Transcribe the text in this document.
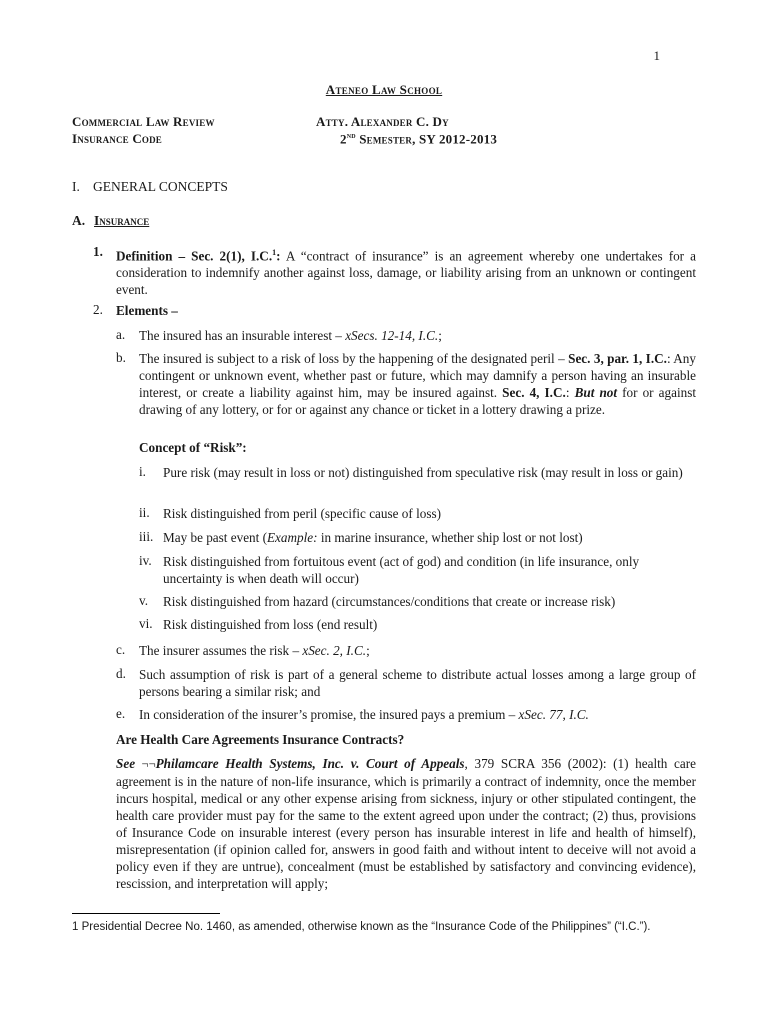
1
Ateneo Law School
Commercial Law Review
Insurance Code
Atty. Alexander C. Dy
2nd Semester, SY 2012-2013
I. GENERAL CONCEPTS
A. Insurance
1. Definition – Sec. 2(1), I.C.$^1$: A “contract of insurance” is an agreement whereby one undertakes for a consideration to indemnify another against loss, damage, or liability arising from an unknown or contingent event.
2. Elements –
a. The insured has an insurable interest – xSecs. 12-14, I.C.;
b. The insured is subject to a risk of loss by the happening of the designated peril – Sec. 3, par. 1, I.C.: Any contingent or unknown event, whether past or future, which may damnify a person having an insurable interest, or create a liability against him, may be insured against. Sec. 4, I.C.: But not for or against drawing of any lottery, or for or against any chance or ticket in a lottery drawing a prize.
Concept of “Risk”:
i. Pure risk (may result in loss or not) distinguished from speculative risk (may result in loss or gain)
ii. Risk distinguished from peril (specific cause of loss)
iii. May be past event (Example: in marine insurance, whether ship lost or not lost)
iv. Risk distinguished from fortuitous event (act of god) and condition (in life insurance, only uncertainty is when death will occur)
v. Risk distinguished from hazard (circumstances/conditions that create or increase risk)
vi. Risk distinguished from loss (end result)
c. The insurer assumes the risk – xSec. 2, I.C.;
d. Such assumption of risk is part of a general scheme to distribute actual losses among a large group of persons bearing a similar risk; and
e. In consideration of the insurer’s promise, the insured pays a premium – xSec. 77, I.C.
Are Health Care Agreements Insurance Contracts?
See ¬¬Philamcare Health Systems, Inc. v. Court of Appeals, 379 SCRA 356 (2002): (1) health care agreement is in the nature of non-life insurance, which is primarily a contract of indemnity, once the member incurs hospital, medical or any other expense arising from sickness, injury or other stipulated contingent, the health care provider must pay for the same to the extent agreed upon under the contract; (2) thus, provisions of Insurance Code on insurable interest (every person has insurable interest in life and health of himself), misrepresentation (if opinion called for, answers in good faith and without intent to deceive will not avoid a policy even if they are untrue), concealment (must be established by satisfactory and convincing evidence), rescission, and interpretation will apply;
1 Presidential Decree No. 1460, as amended, otherwise known as the “Insurance Code of the Philippines” (“I.C.”).
